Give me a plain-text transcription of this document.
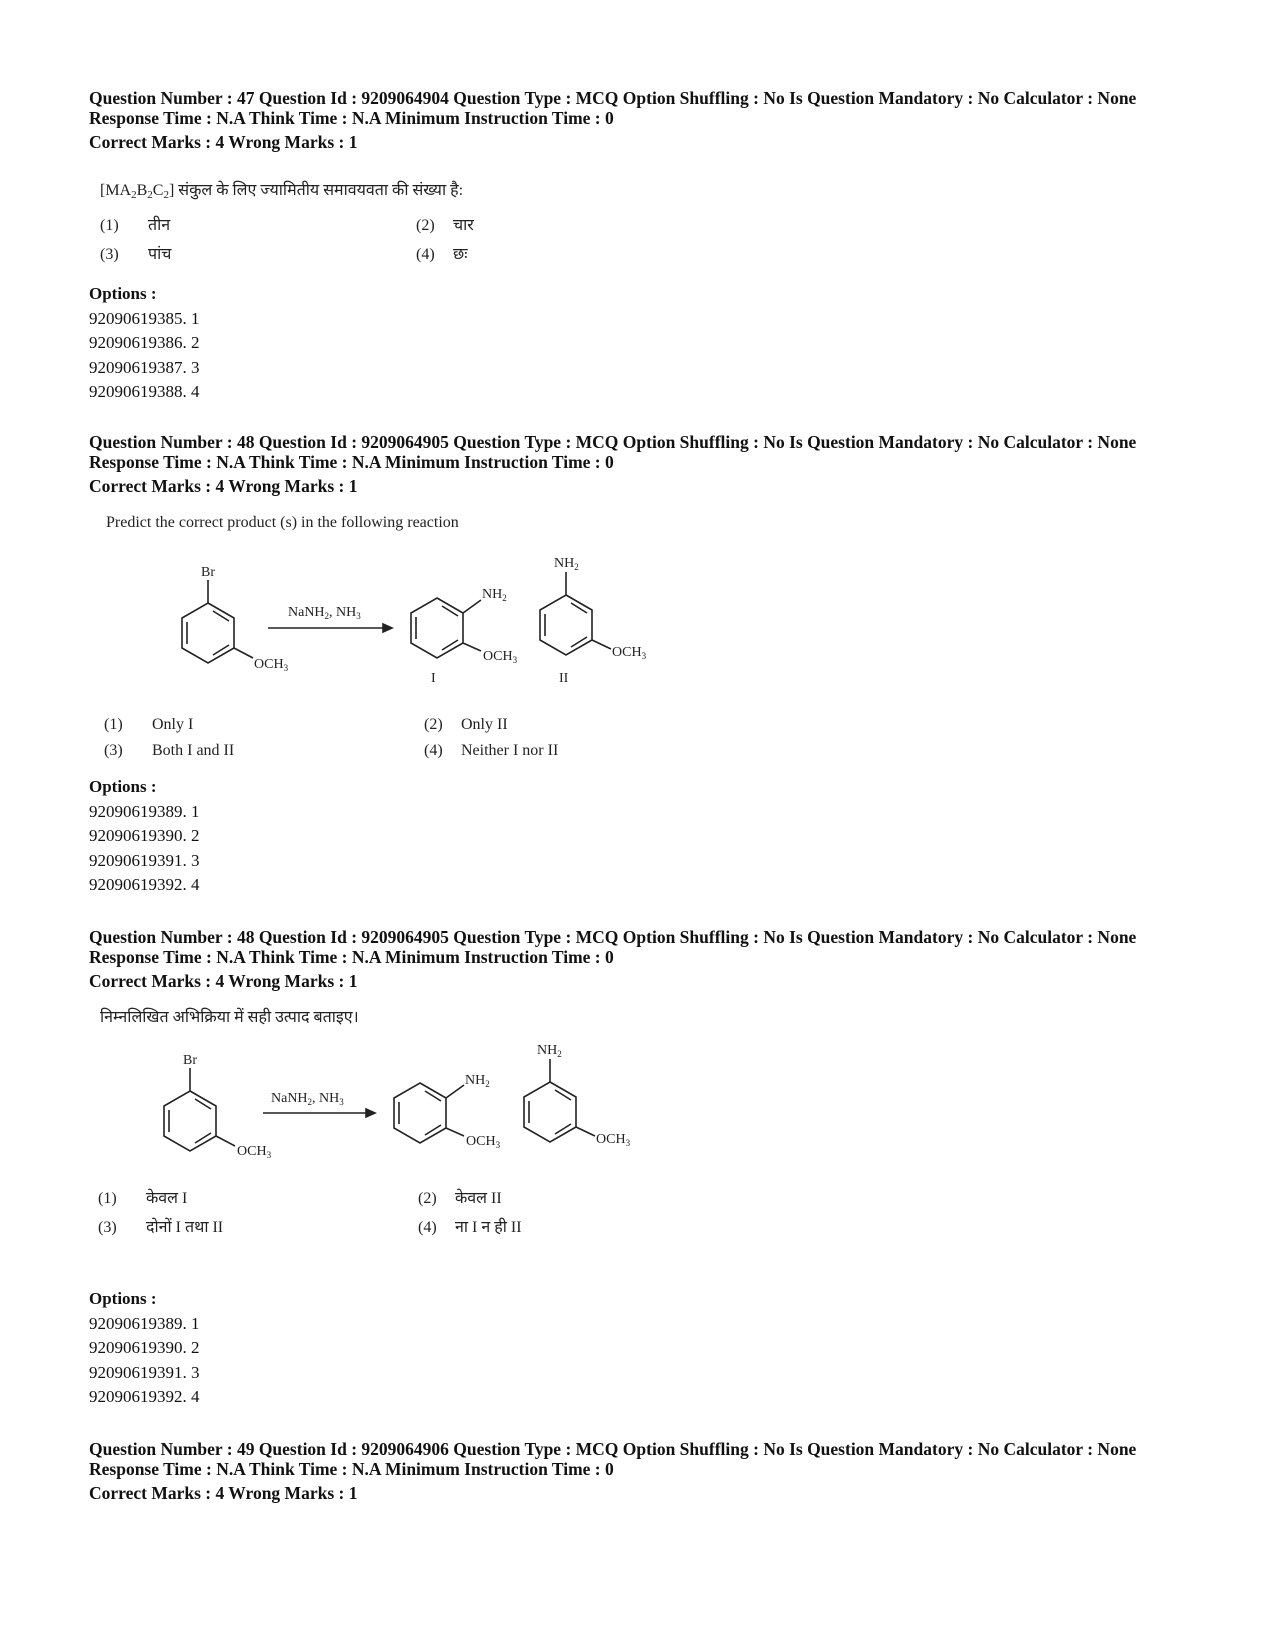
Question Number : 47 Question Id : 9209064904 Question Type : MCQ Option Shuffling : No Is Question Mandatory : No Calculator : None
Response Time : N.A Think Time : N.A Minimum Instruction Time : 0
Correct Marks : 4 Wrong Marks : 1
$[MA_2B_2C_2]$ संकुल के लिए ज्यामितीय समावयवता की संख्या है:
(1) तीन	(2) चार
(3) पांच	(4) छः
Options :
92090619385. 1
92090619386. 2
92090619387. 3
92090619388. 4
Question Number : 48 Question Id : 9209064905 Question Type : MCQ Option Shuffling : No Is Question Mandatory : No Calculator : None
Response Time : N.A Think Time : N.A Minimum Instruction Time : 0
Correct Marks : 4 Wrong Marks : 1
Predict the correct product (s) in the following reaction
Br
$OCH_3$
NaNH$_2$, $NH_3$
$NH_2$
$OCH_3$
I
$NH_2$
$OCH_3$
II
(1) Only I	(2) Only II
(3) Both I and II	(4) Neither I nor II
Options :
92090619389. 1
92090619390. 2
92090619391. 3
92090619392. 4
Question Number : 48 Question Id : 9209064905 Question Type : MCQ Option Shuffling : No Is Question Mandatory : No Calculator : None
Response Time : N.A Think Time : N.A Minimum Instruction Time : 0
Correct Marks : 4 Wrong Marks : 1
निम्नलिखित अभिक्रिया में सही उत्पाद बताइए।
Br
$OCH_3$
NaNH$_2$, $NH_3$
$NH_2$
$OCH_3$
$NH_2$
$OCH_3$
(1) केवल I	(2) केवल II
(3) दोनों I तथा II	(4) ना I न ही II
Options :
92090619389. 1
92090619390. 2
92090619391. 3
92090619392. 4
Question Number : 49 Question Id : 9209064906 Question Type : MCQ Option Shuffling : No Is Question Mandatory : No Calculator : None
Response Time : N.A Think Time : N.A Minimum Instruction Time : 0
Correct Marks : 4 Wrong Marks : 1
